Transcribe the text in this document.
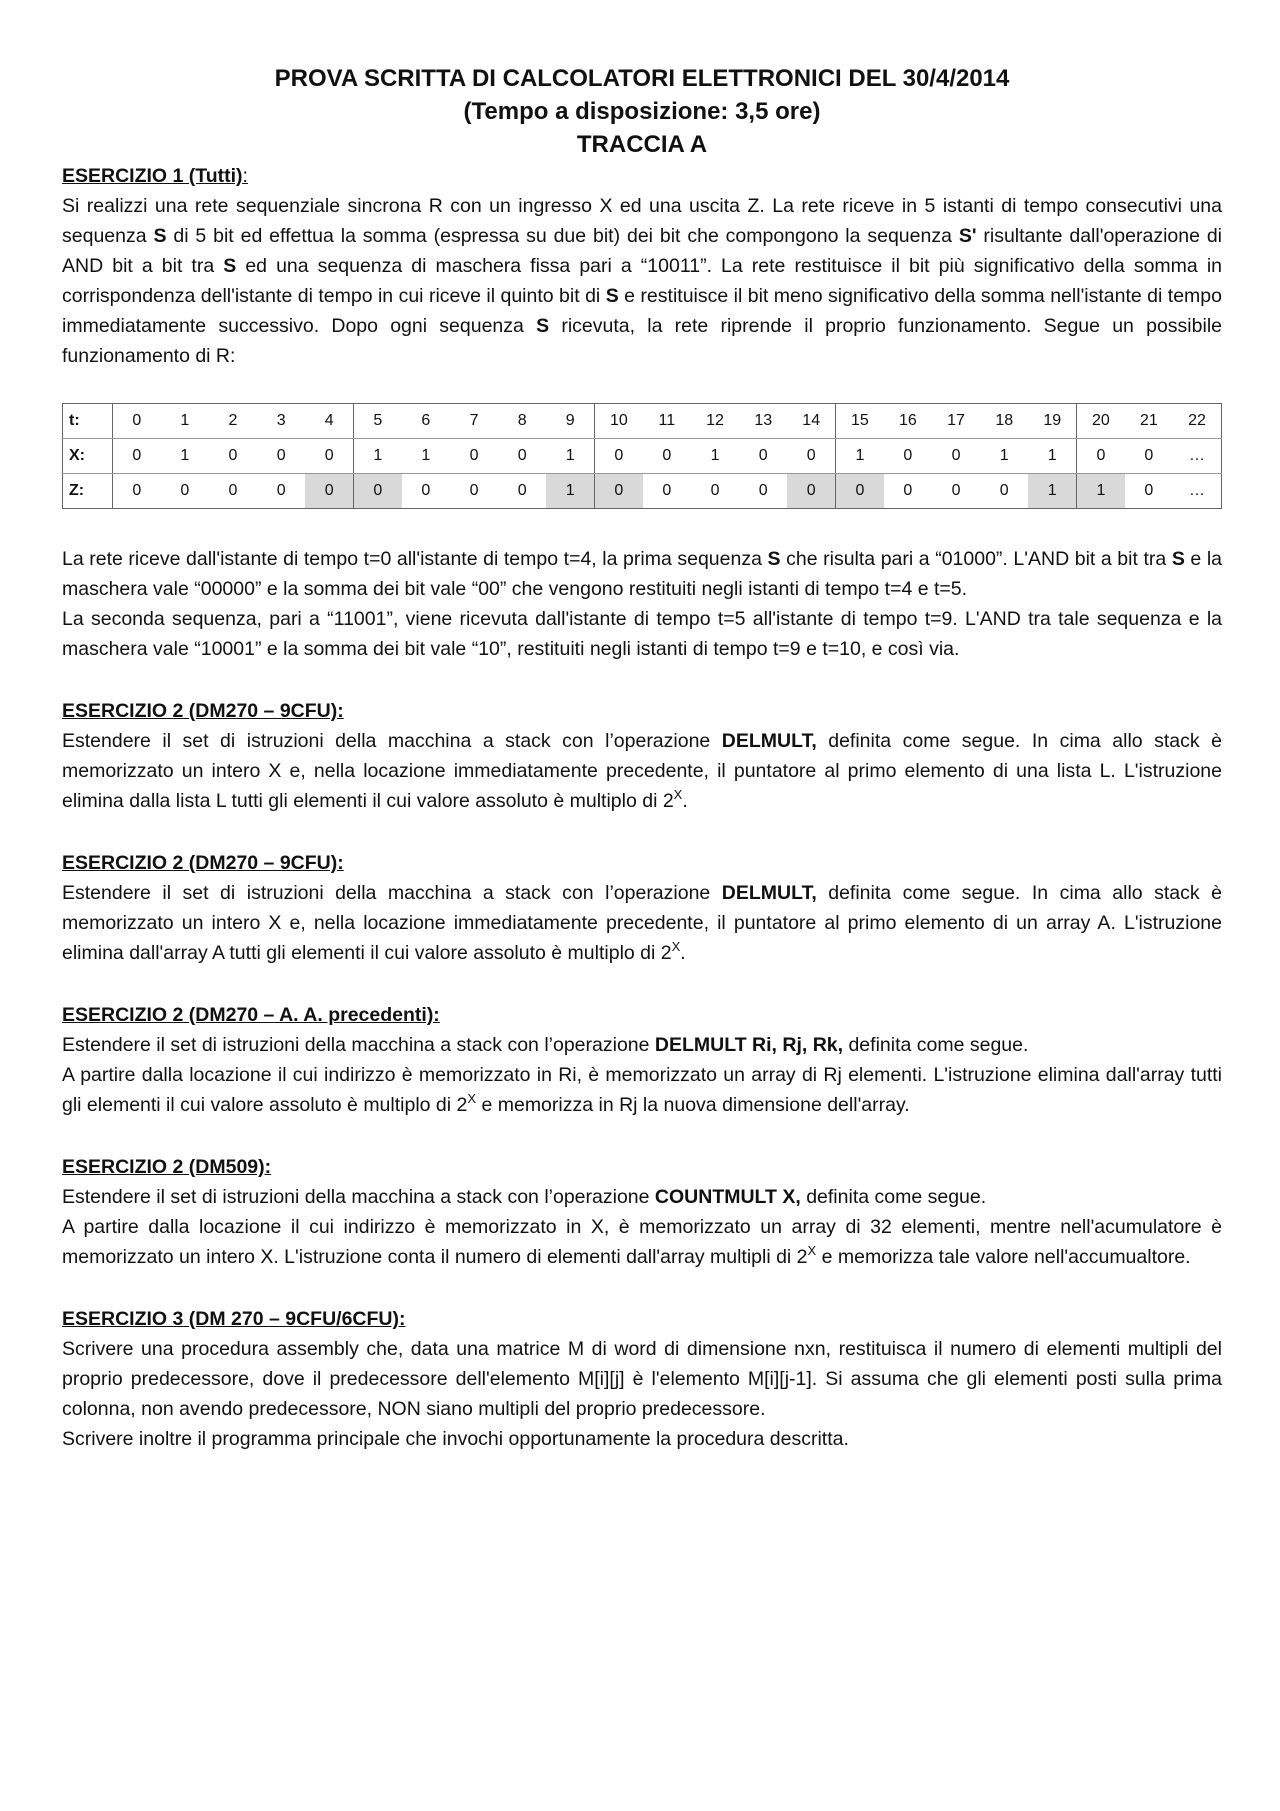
PROVA SCRITTA DI CALCOLATORI ELETTRONICI DEL 30/4/2014

(Tempo a disposizione: 3,5 ore)

TRACCIA A

ESERCIZIO 1 (Tutti):

Si realizzi una rete sequenziale sincrona R con un ingresso X ed una uscita Z. La rete riceve in 5 istanti di tempo consecutivi una sequenza S di 5 bit ed effettua la somma (espressa su due bit) dei bit che compongono la sequenza S' risultante dall'operazione di AND bit a bit tra S ed una sequenza di maschera fissa pari a “10011”. La rete restituisce il bit più significativo della somma in corrispondenza dell'istante di tempo in cui riceve il quinto bit di S e restituisce il bit meno significativo della somma nell'istante di tempo immediatamente successivo. Dopo ogni sequenza S ricevuta, la rete riprende il proprio funzionamento. Segue un possibile funzionamento di R:

t:	0	1	2	3	4	5	6	7	8	9	10	11	12	13	14	15	16	17	18	19	20	21	22
X:	0	1	0	0	0	1	1	0	0	1	0	0	1	0	0	1	0	0	1	1	0	0	…
Z:	0	0	0	0	0	0	0	0	0	1	0	0	0	0	0	0	0	0	0	1	1	0	…

La rete riceve dall'istante di tempo t=0 all'istante di tempo t=4, la prima sequenza S che risulta pari a “01000”. L'AND bit a bit tra S e la maschera vale “00000” e la somma dei bit vale “00” che vengono restituiti negli istanti di tempo t=4 e t=5.

La seconda sequenza, pari a “11001”, viene ricevuta dall'istante di tempo t=5 all'istante di tempo t=9. L'AND tra tale sequenza e la maschera vale “10001” e la somma dei bit vale “10”, restituiti negli istanti di tempo t=9 e t=10, e così via.

ESERCIZIO 2 (DM270 – 9CFU):

Estendere il set di istruzioni della macchina a stack con l’operazione DELMULT, definita come segue. In cima allo stack è memorizzato un intero X e, nella locazione immediatamente precedente, il puntatore al primo elemento di una lista L. L'istruzione elimina dalla lista L tutti gli elementi il cui valore assoluto è multiplo di $2^X$.

ESERCIZIO 2 (DM270 – 9CFU):

Estendere il set di istruzioni della macchina a stack con l’operazione DELMULT, definita come segue. In cima allo stack è memorizzato un intero X e, nella locazione immediatamente precedente, il puntatore al primo elemento di un array A. L'istruzione elimina dall'array A tutti gli elementi il cui valore assoluto è multiplo di $2^X$.

ESERCIZIO 2 (DM270 – A. A. precedenti):

Estendere il set di istruzioni della macchina a stack con l’operazione DELMULT Ri, Rj, Rk, definita come segue.

A partire dalla locazione il cui indirizzo è memorizzato in Ri, è memorizzato un array di Rj elementi. L'istruzione elimina dall'array tutti gli elementi il cui valore assoluto è multiplo di $2^X$ e memorizza in Rj la nuova dimensione dell'array.

ESERCIZIO 2 (DM509):

Estendere il set di istruzioni della macchina a stack con l’operazione COUNTMULT X, definita come segue.

A partire dalla locazione il cui indirizzo è memorizzato in X, è memorizzato un array di 32 elementi, mentre nell'acumulatore è memorizzato un intero X. L'istruzione conta il numero di elementi dall'array multipli di $2^X$ e memorizza tale valore nell'accumualtore.

ESERCIZIO 3 (DM 270 – 9CFU/6CFU):

Scrivere una procedura assembly che, data una matrice M di word di dimensione nxn, restituisca il numero di elementi multipli del proprio predecessore, dove il predecessore dell'elemento M[i][j] è l'elemento M[i][j-1]. Si assuma che gli elementi posti sulla prima colonna, non avendo predecessore, NON siano multipli del proprio predecessore.

Scrivere inoltre il programma principale che invochi opportunamente la procedura descritta.
